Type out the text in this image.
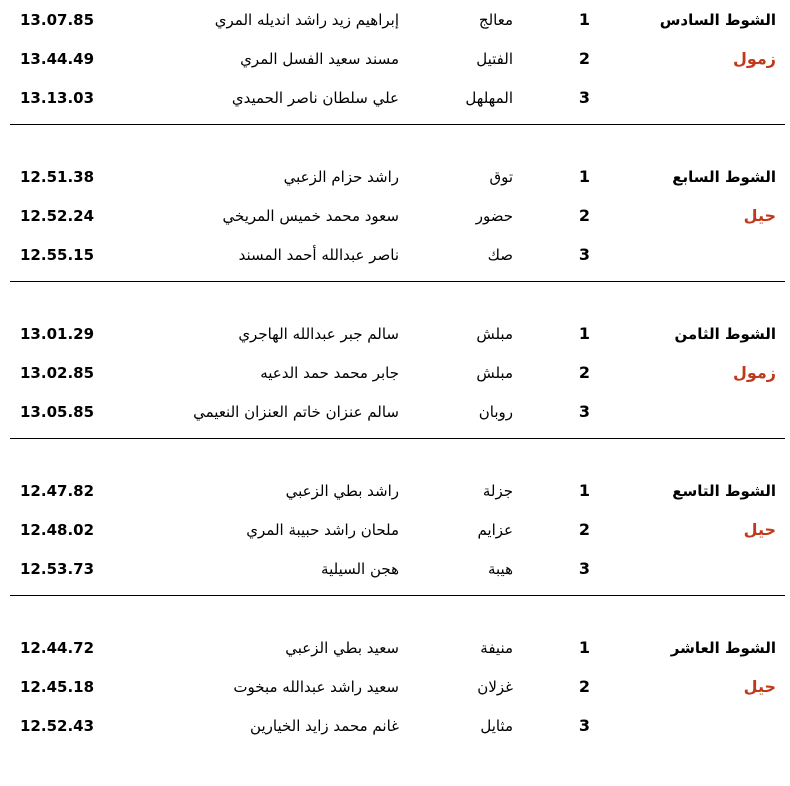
الشوط السادس
زمول
1
معالج
إبراهيم زيد راشد انديله المري
13.07.85
2
الفتيل
مسند سعيد الفسل المري
13.44.49
3
المهلهل
علي سلطان ناصر الحميدي
13.13.03
الشوط السابع
حيل
1
توق
راشد حزام الزعبي
12.51.38
2
حضور
سعود محمد خميس المريخي
12.52.24
3
صك
ناصر عبدالله أحمد المسند
12.55.15
الشوط الثامن
زمول
1
مبلش
سالم جبر عبدالله الهاجري
13.01.29
2
مبلش
جابر محمد حمد الدعيه
13.02.85
3
روبان
سالم عنزان خاتم العنزان النعيمي
13.05.85
الشوط التاسع
حيل
1
جزلة
راشد بطي الزعبي
12.47.82
2
عزايم
ملحان راشد حبيبة المري
12.48.02
3
هيبة
هجن السيلية
12.53.73
الشوط العاشر
حيل
1
منيفة
سعيد بطي الزعبي
12.44.72
2
غزلان
سعيد راشد عبدالله مبخوت
12.45.18
3
مثايل
غانم محمد زايد الخيارين
12.52.43
